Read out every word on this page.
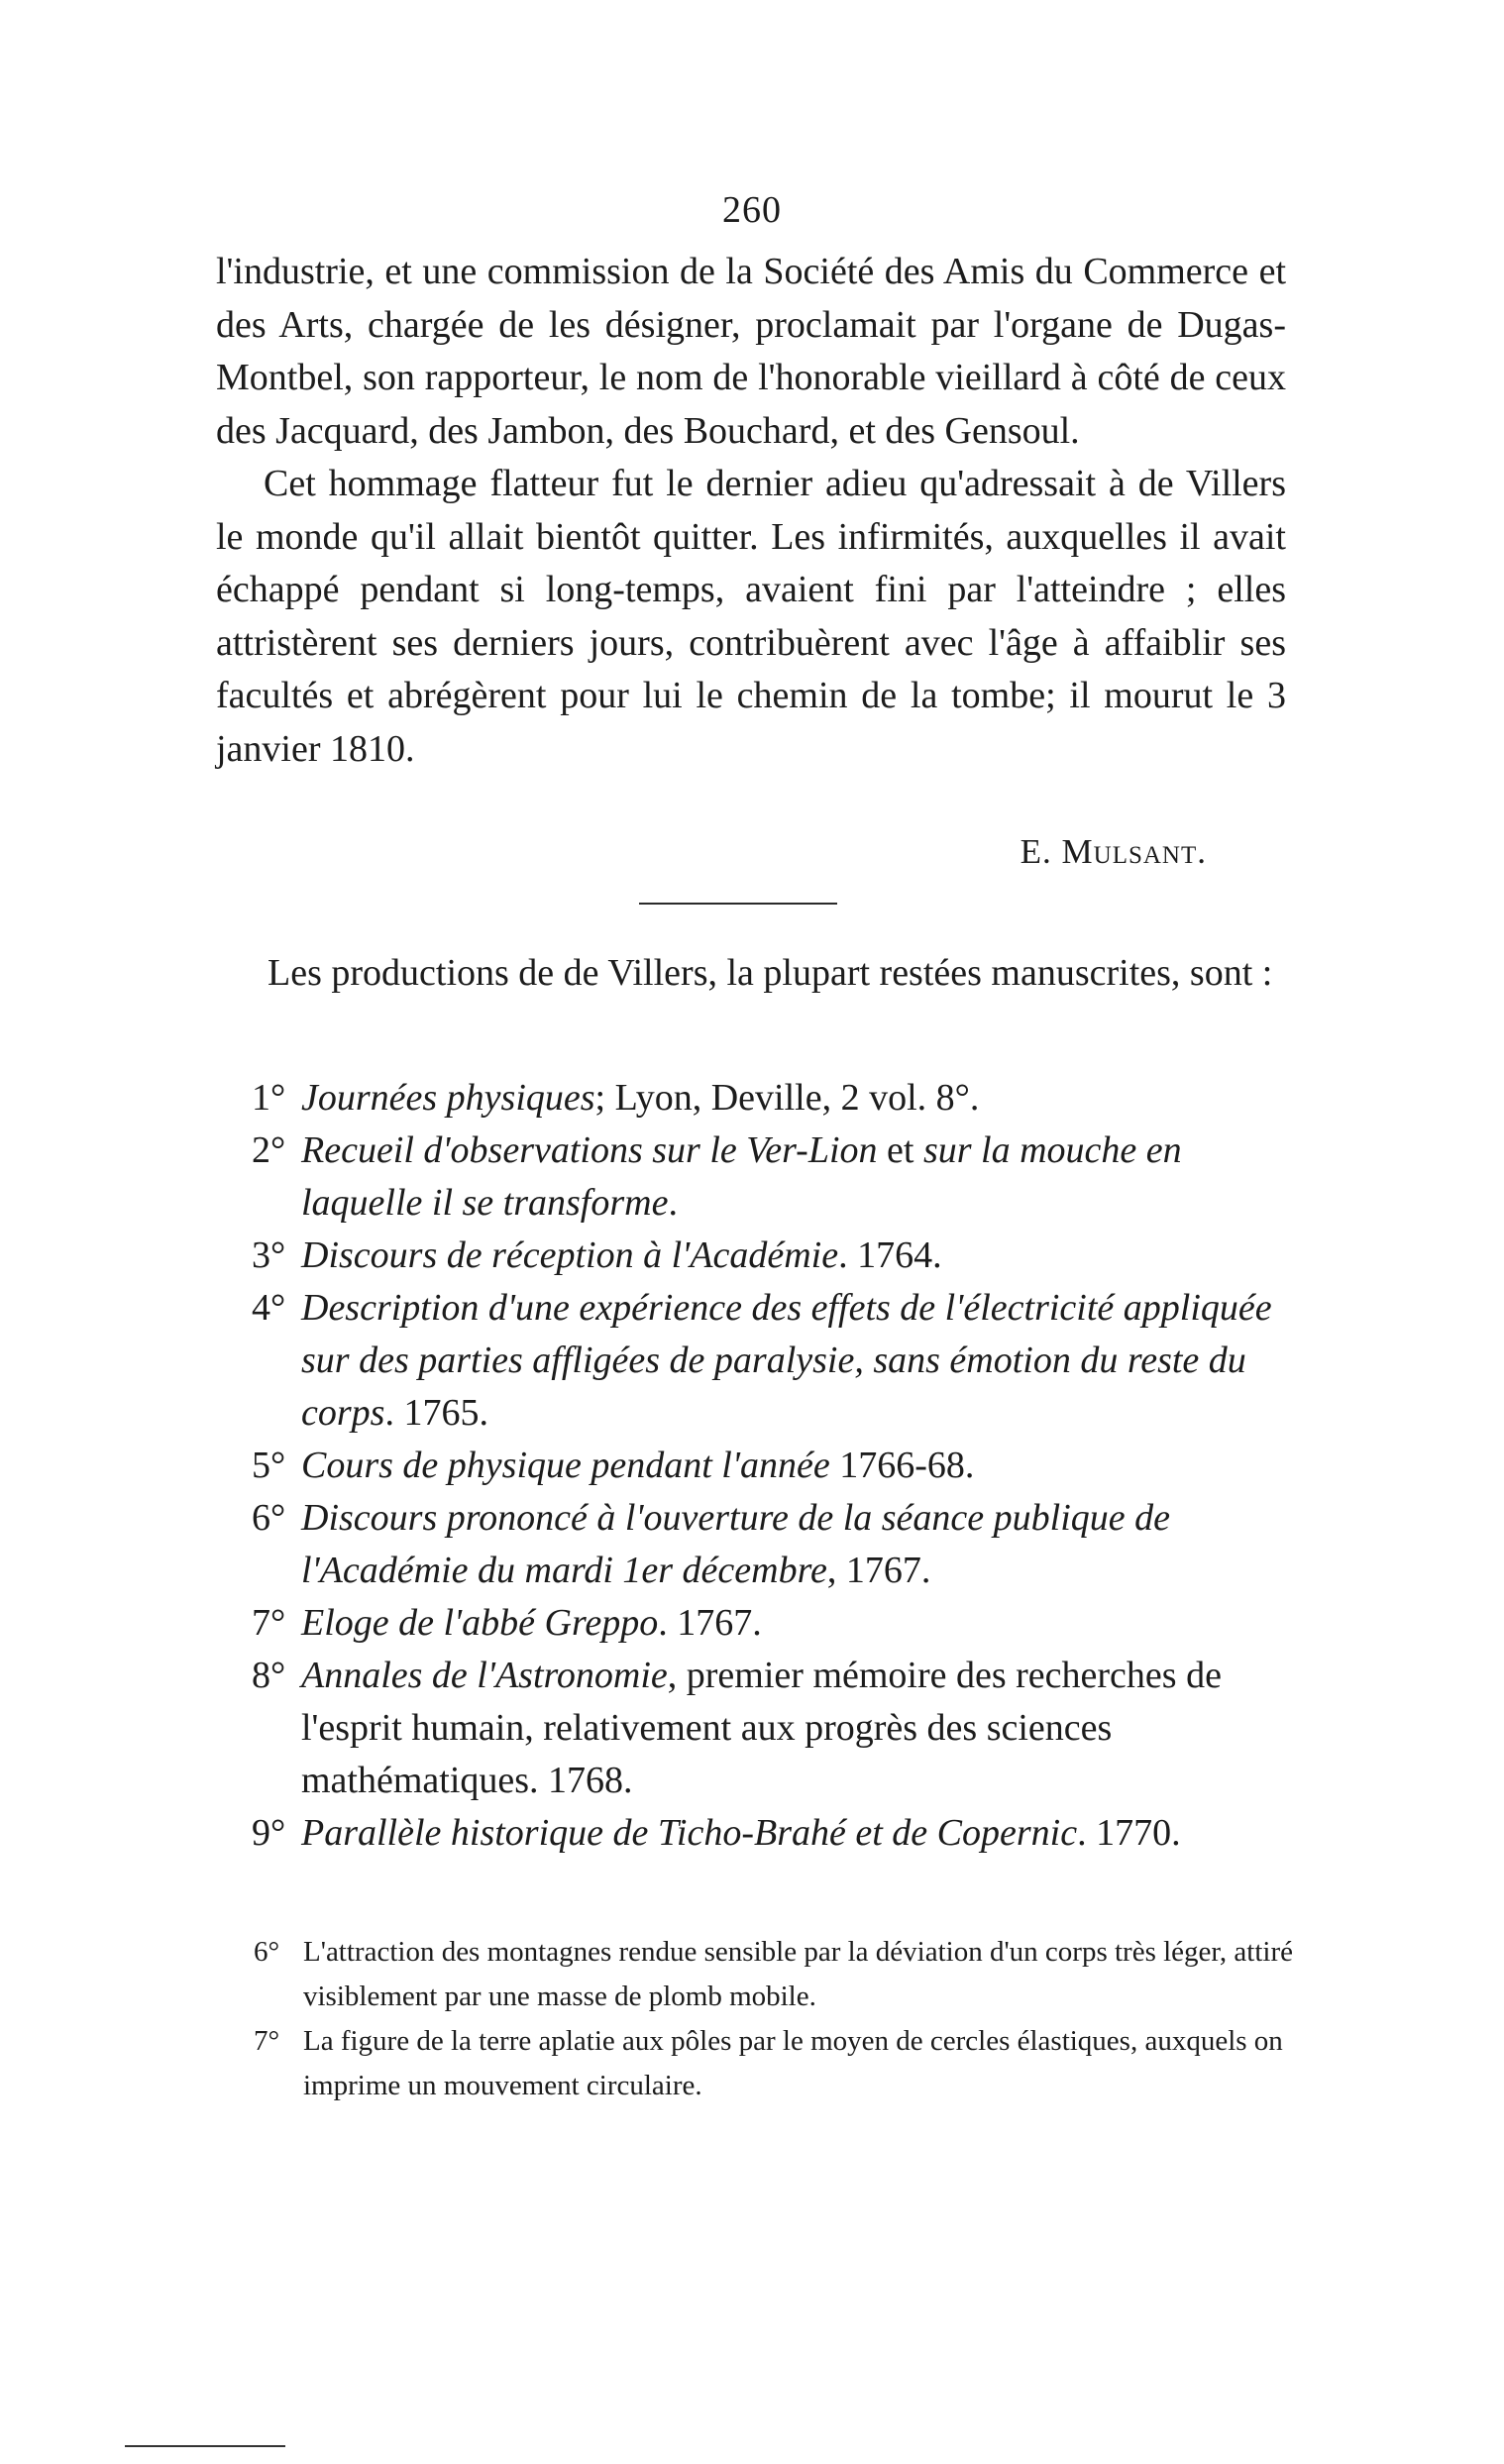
260

l'industrie, et une commission de la Société des Amis du Commerce et des Arts, chargée de les désigner, proclamait par l'organe de Dugas-Montbel, son rapporteur, le nom de l'honorable vieillard à côté de ceux des Jacquard, des Jambon, des Bouchard, et des Gensoul.

Cet hommage flatteur fut le dernier adieu qu'adressait à de Villers le monde qu'il allait bientôt quitter. Les infirmités, auxquelles il avait échappé pendant si long-temps, avaient fini par l'atteindre ; elles attristèrent ses derniers jours, contribuèrent avec l'âge à affaiblir ses facultés et abrégèrent pour lui le chemin de la tombe; il mourut le 3 janvier 1810.

E. Mulsant.

Les productions de de Villers, la plupart restées manuscrites, sont :

1° Journées physiques; Lyon, Deville, 2 vol. 8°.
2° Recueil d'observations sur le Ver-Lion et sur la mouche en laquelle il se transforme.
3° Discours de réception à l'Académie. 1764.
4° Description d'une expérience des effets de l'électricité appliquée sur des parties affligées de paralysie, sans émotion du reste du corps. 1765.
5° Cours de physique pendant l'année 1766-68.
6° Discours prononcé à l'ouverture de la séance publique de l'Académie du mardi 1er décembre, 1767.
7° Eloge de l'abbé Greppo. 1767.
8° Annales de l'Astronomie, premier mémoire des recherches de l'esprit humain, relativement aux progrès des sciences mathématiques. 1768.
9° Parallèle historique de Ticho-Brahé et de Copernic. 1770.
6° L'attraction des montagnes rendue sensible par la déviation d'un corps très léger, attiré visiblement par une masse de plomb mobile.
7° La figure de la terre aplatie aux pôles par le moyen de cercles élastiques, auxquels on imprime un mouvement circulaire.
